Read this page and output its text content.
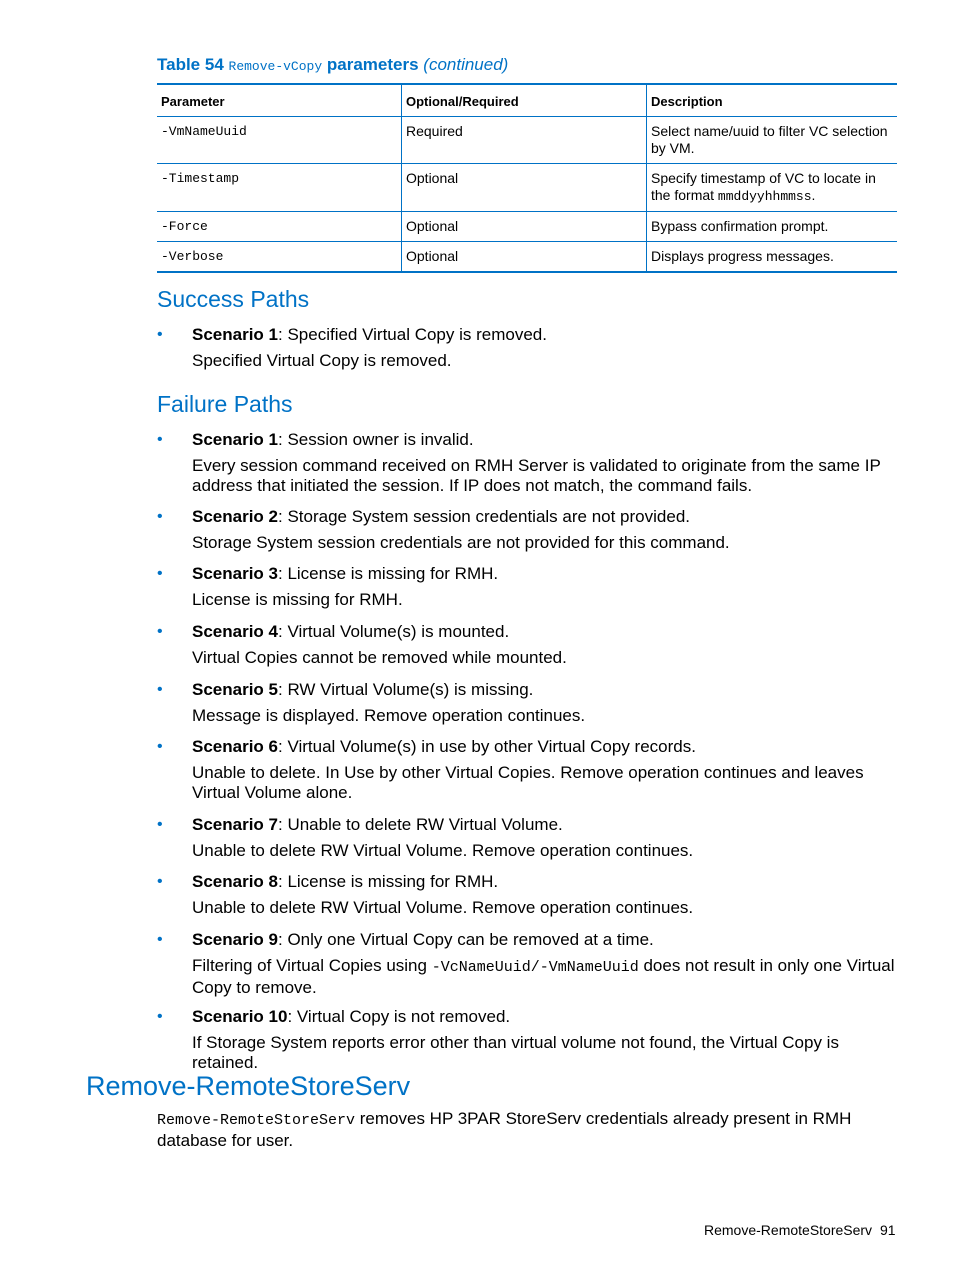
Table 54 Remove-vCopy parameters (continued)
Parameter	Optional/Required	Description
-VmNameUuid	Required	Select name/uuid to filter VC selection by VM.
-Timestamp	Optional	Specify timestamp of VC to locate in the format mmddyyhhmmss.
-Force	Optional	Bypass confirmation prompt.
-Verbose	Optional	Displays progress messages.
Success Paths
• Scenario 1: Specified Virtual Copy is removed.
Specified Virtual Copy is removed.
Failure Paths
• Scenario 1: Session owner is invalid.
Every session command received on RMH Server is validated to originate from the same IP address that initiated the session. If IP does not match, the command fails.
• Scenario 2: Storage System session credentials are not provided.
Storage System session credentials are not provided for this command.
• Scenario 3: License is missing for RMH.
License is missing for RMH.
• Scenario 4: Virtual Volume(s) is mounted.
Virtual Copies cannot be removed while mounted.
• Scenario 5: RW Virtual Volume(s) is missing.
Message is displayed. Remove operation continues.
• Scenario 6: Virtual Volume(s) in use by other Virtual Copy records.
Unable to delete. In Use by other Virtual Copies. Remove operation continues and leaves Virtual Volume alone.
• Scenario 7: Unable to delete RW Virtual Volume.
Unable to delete RW Virtual Volume. Remove operation continues.
• Scenario 8: License is missing for RMH.
Unable to delete RW Virtual Volume. Remove operation continues.
• Scenario 9: Only one Virtual Copy can be removed at a time.
Filtering of Virtual Copies using -VcNameUuid/-VmNameUuid does not result in only one Virtual Copy to remove.
• Scenario 10: Virtual Copy is not removed.
If Storage System reports error other than virtual volume not found, the Virtual Copy is retained.
Remove-RemoteStoreServ
Remove-RemoteStoreServ removes HP 3PAR StoreServ credentials already present in RMH database for user.
Remove-RemoteStoreServ 91
